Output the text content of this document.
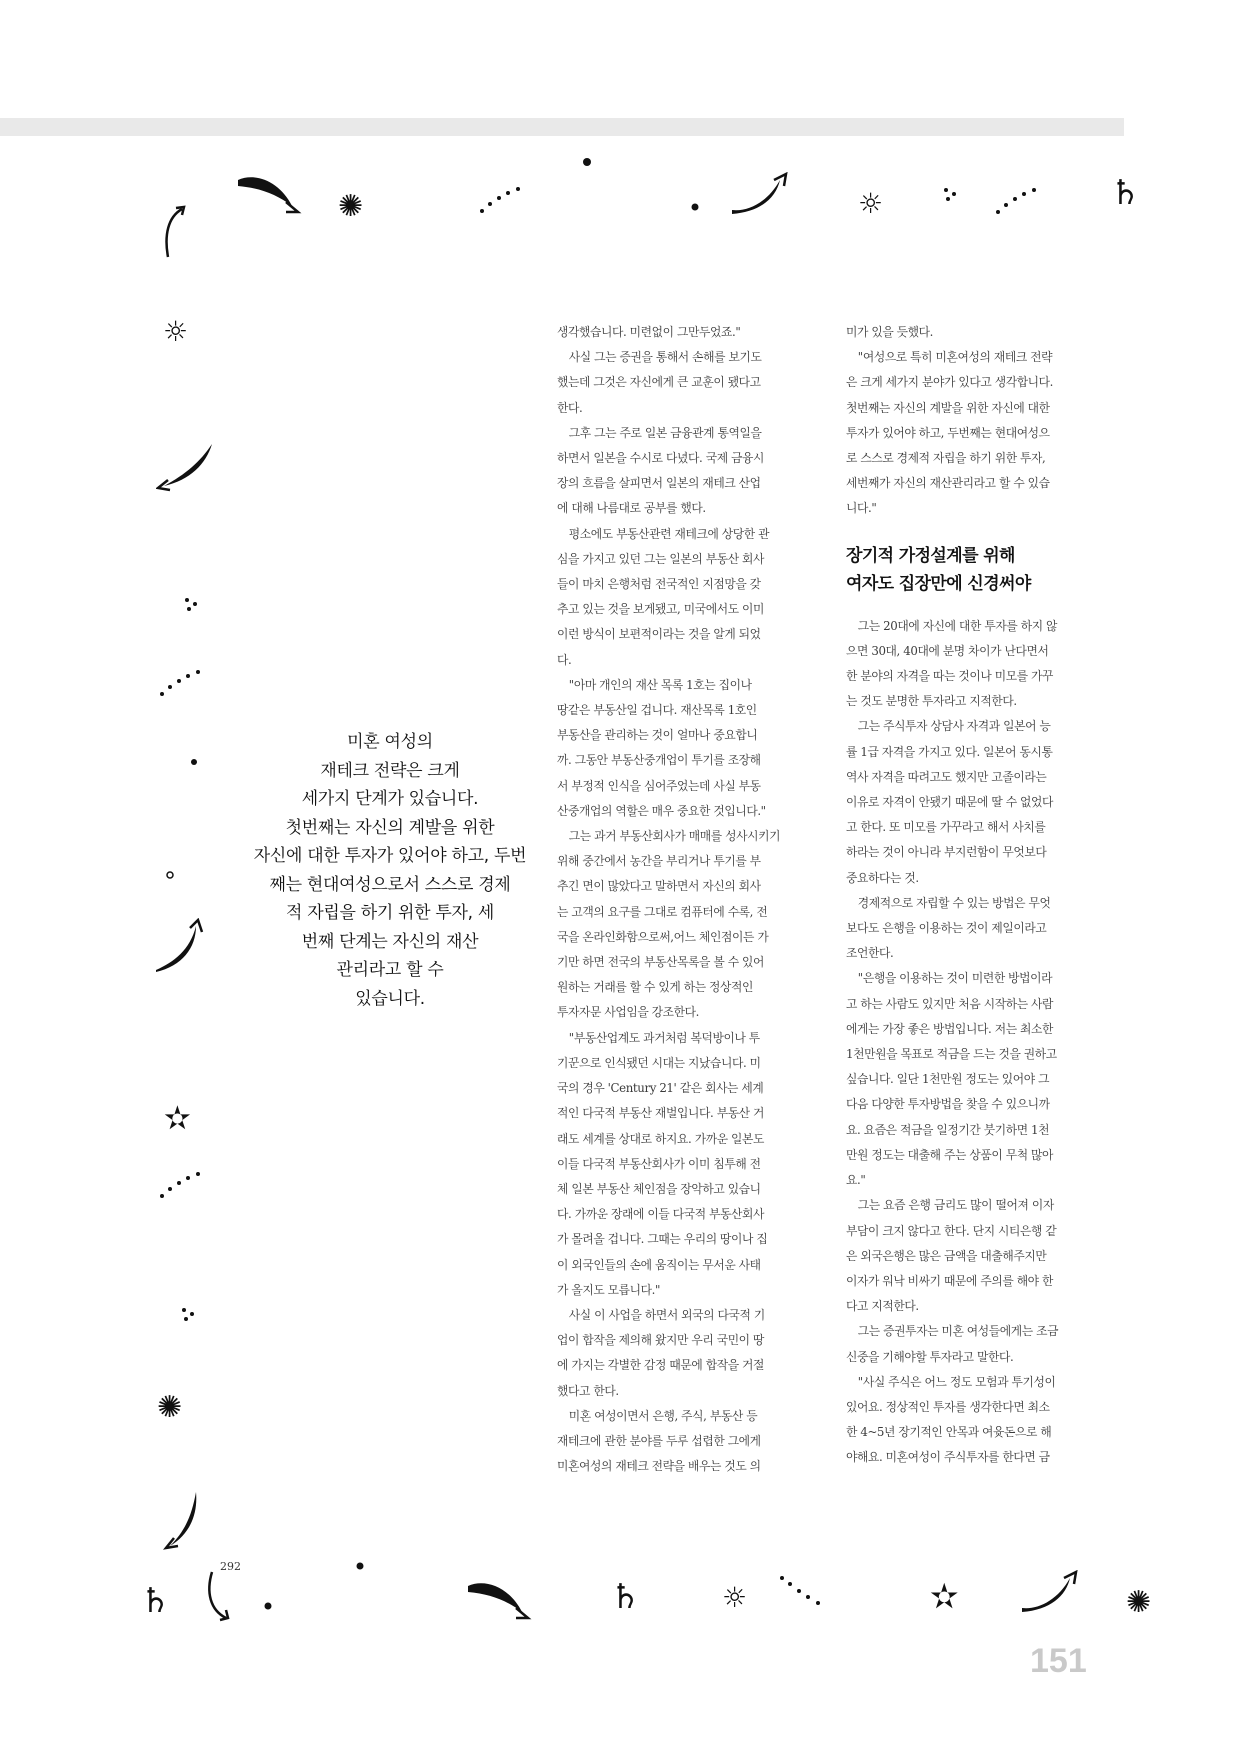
✺	☼	♄
☼
✫
✺
♄	♄	☼	✫	✺
미혼 여성의
재테크 전략은 크게
세가지 단계가 있습니다.
첫번째는 자신의 계발을 위한
자신에 대한 투자가 있어야 하고, 두번
째는 현대여성으로서 스스로 경제
적 자립을 하기 위한 투자, 세
번째 단계는 자신의 재산
관리라고 할 수
있습니다.

생각했습니다. 미련없이 그만두었죠."

사실 그는 증권을 통해서 손해를 보기도

했는데 그것은 자신에게 큰 교훈이 됐다고

한다.

그후 그는 주로 일본 금융관계 통역일을

하면서 일본을 수시로 다녔다. 국제 금융시

장의 흐름을 살피면서 일본의 재테크 산업

에 대해 나름대로 공부를 했다.

평소에도 부동산관련 재테크에 상당한 관

심을 가지고 있던 그는 일본의 부동산 회사

들이 마치 은행처럼 전국적인 지점망을 갖

추고 있는 것을 보게됐고, 미국에서도 이미

이런 방식이 보편적이라는 것을 알게 되었

다.

"아마 개인의 재산 목록 1호는 집이나

땅같은 부동산일 겁니다. 재산목록 1호인

부동산을 관리하는 것이 얼마나 중요합니

까. 그동안 부동산중개업이 투기를 조장해

서 부정적 인식을 심어주었는데 사실 부동

산중개업의 역할은 매우 중요한 것입니다."

그는 과거 부동산회사가 매매를 성사시키기

위해 중간에서 농간을 부리거나 투기를 부

추긴 면이 많았다고 말하면서 자신의 회사

는 고객의 요구를 그대로 컴퓨터에 수록, 전

국을 온라인화함으로써,어느 체인점이든 가

기만 하면 전국의 부동산목록을 볼 수 있어

원하는 거래를 할 수 있게 하는 정상적인

투자자문 사업임을 강조한다.

"부동산업계도 과거처럼 복덕방이나 투

기꾼으로 인식됐던 시대는 지났습니다. 미

국의 경우 'Century 21' 같은 회사는 세계

적인 다국적 부동산 재벌입니다. 부동산 거

래도 세계를 상대로 하지요. 가까운 일본도

이들 다국적 부동산회사가 이미 침투해 전

체 일본 부동산 체인점을 장악하고 있습니

다. 가까운 장래에 이들 다국적 부동산회사

가 몰려올 겁니다. 그때는 우리의 땅이나 집

이 외국인들의 손에 움직이는 무서운 사태

가 올지도 모릅니다."

사실 이 사업을 하면서 외국의 다국적 기

업이 합작을 제의해 왔지만 우리 국민이 땅

에 가지는 각별한 감정 때문에 합작을 거절

했다고 한다.

미혼 여성이면서 은행, 주식, 부동산 등

재테크에 관한 분야를 두루 섭렵한 그에게

미혼여성의 재테크 전략을 배우는 것도 의

미가 있을 듯했다.

"여성으로 특히 미혼여성의 재테크 전략

은 크게 세가지 분야가 있다고 생각합니다.

첫번째는 자신의 계발을 위한 자신에 대한

투자가 있어야 하고, 두번째는 현대여성으

로 스스로 경제적 자립을 하기 위한 투자,

세번째가 자신의 재산관리라고 할 수 있습

니다."

장기적 가정설계를 위해
여자도 집장만에 신경써야

그는 20대에 자신에 대한 투자를 하지 않

으면 30대, 40대에 분명 차이가 난다면서

한 분야의 자격을 따는 것이나 미모를 가꾸

는 것도 분명한 투자라고 지적한다.

그는 주식투자 상담사 자격과 일본어 능

률 1급 자격을 가지고 있다. 일본어 동시통

역사 자격을 따려고도 했지만 고졸이라는

이유로 자격이 안됐기 때문에 딸 수 없었다

고 한다. 또 미모를 가꾸라고 해서 사치를

하라는 것이 아니라 부지런함이 무엇보다

중요하다는 것.

경제적으로 자립할 수 있는 방법은 무엇

보다도 은행을 이용하는 것이 제일이라고

조언한다.

"은행을 이용하는 것이 미련한 방법이라

고 하는 사람도 있지만 처음 시작하는 사람

에게는 가장 좋은 방법입니다. 저는 최소한

1천만원을 목표로 적금을 드는 것을 권하고

싶습니다. 일단 1천만원 정도는 있어야 그

다음 다양한 투자방법을 찾을 수 있으니까

요. 요즘은 적금을 일정기간 붓기하면 1천

만원 정도는 대출해 주는 상품이 무척 많아

요."

그는 요즘 은행 금리도 많이 떨어져 이자

부담이 크지 않다고 한다. 단지 시티은행 같

은 외국은행은 많은 금액을 대출해주지만

이자가 워낙 비싸기 때문에 주의를 해야 한

다고 지적한다.

그는 증권투자는 미혼 여성들에게는 조금

신중을 기해야할 투자라고 말한다.

"사실 주식은 어느 정도 모험과 투기성이

있어요. 정상적인 투자를 생각한다면 최소

한 4~5년 장기적인 안목과 여윳돈으로 해

야해요. 미혼여성이 주식투자를 한다면 금

292
151
